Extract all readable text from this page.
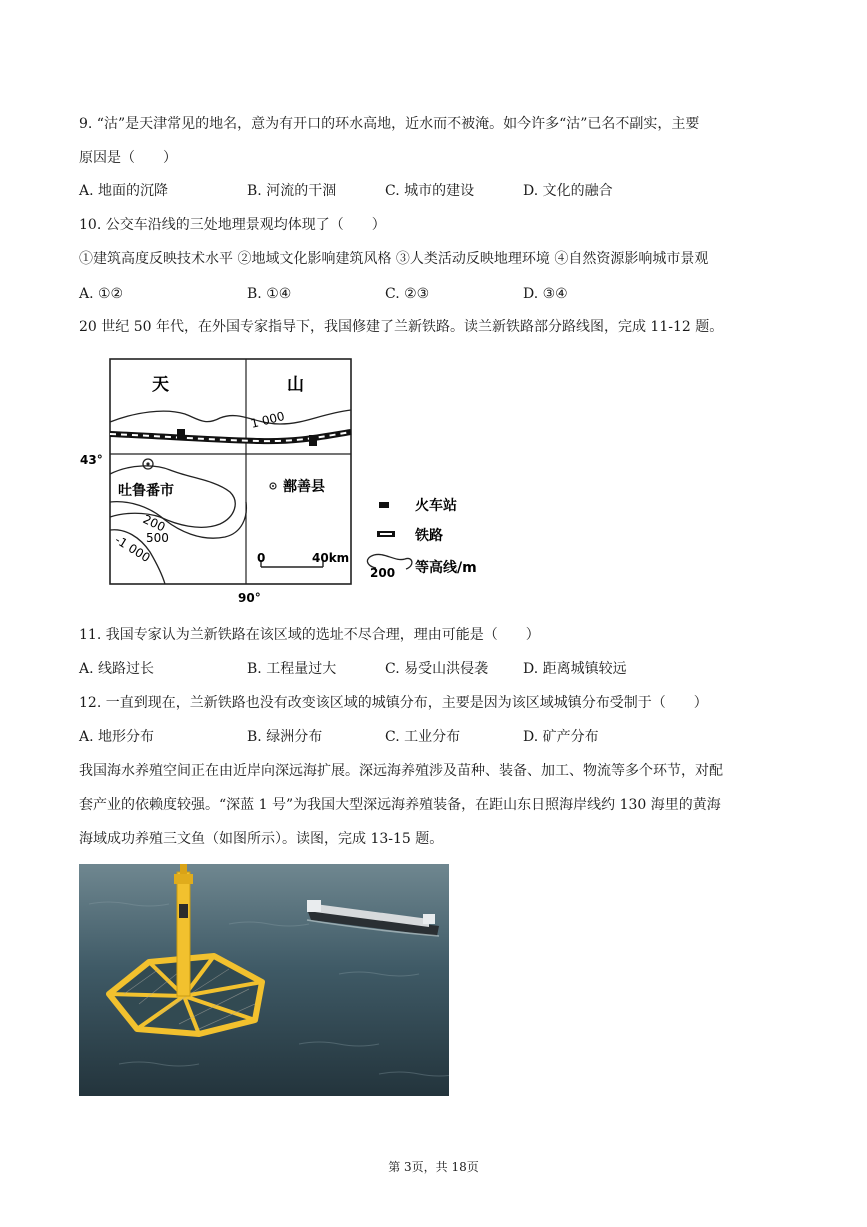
9. “沽”是天津常见的地名，意为有开口的环水高地，近水而不被淹。如今许多“沽”已名不副实，主要
原因是（　　）
A. 地面的沉降	B. 河流的干涸	C. 城市的建设	D. 文化的融合
10. 公交车沿线的三处地理景观均体现了（　　）
①建筑高度反映技术水平 ②地域文化影响建筑风格 ③人类活动反映地理环境 ④自然资源影响城市景观
A. ①②	B. ①④	C. ②③	D. ③④
20 世纪 50 年代，在外国专家指导下，我国修建了兰新铁路。读兰新铁路部分路线图，完成 11-12 题。
天	山
1 000
43°
90°
吐鲁番市	鄯善县
200
500
-1 000	0	40km
火车站
铁路
200 等高线/m
11. 我国专家认为兰新铁路在该区域的选址不尽合理，理由可能是（　　）
A. 线路过长	B. 工程量过大	C. 易受山洪侵袭 D. 距离城镇较远
12. 一直到现在，兰新铁路也没有改变该区域的城镇分布，主要是因为该区域城镇分布受制于（　　）
A. 地形分布	B. 绿洲分布	C. 工业分布	D. 矿产分布
我国海水养殖空间正在由近岸向深远海扩展。深远海养殖涉及苗种、装备、加工、物流等多个环节，对配
套产业的依赖度较强。“深蓝 1 号”为我国大型深远海养殖装备，在距山东日照海岸线约 130 海里的黄海
海域成功养殖三文鱼（如图所示）。读图，完成 13-15 题。
第 3页，共 18页
